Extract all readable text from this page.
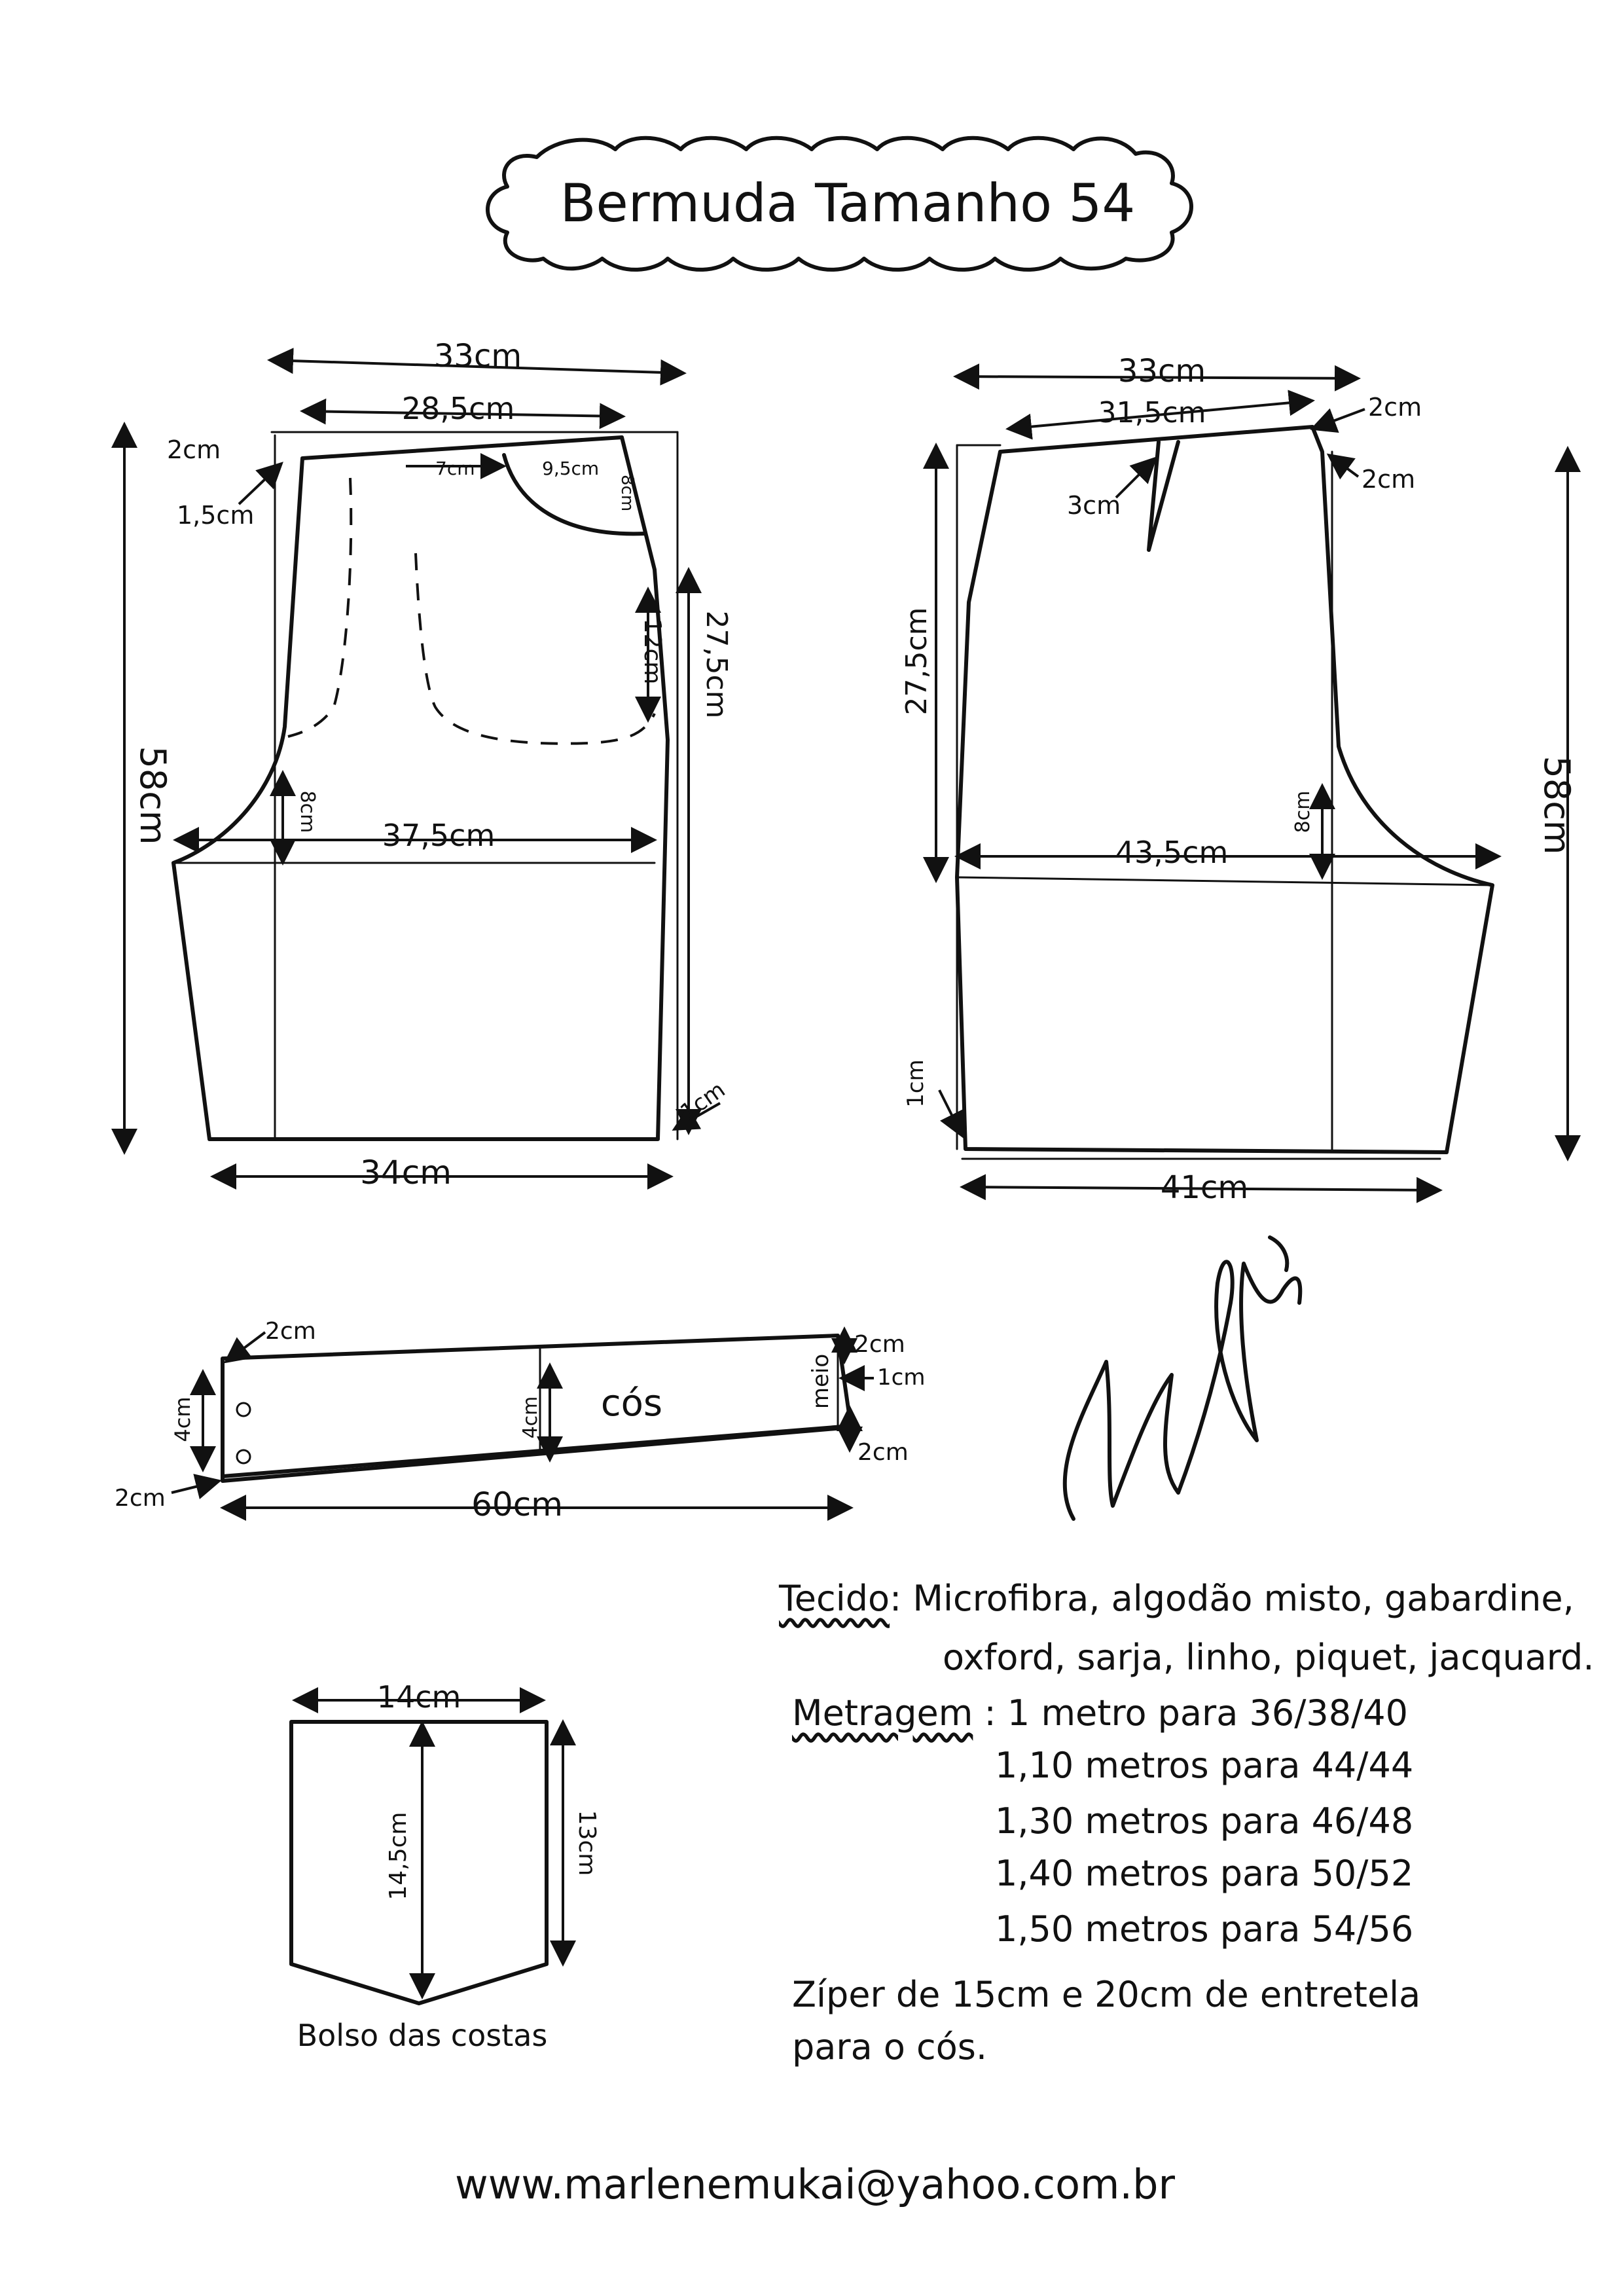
Bermuda Tamanho 54
33cm
28,5cm
2cm
1,5cm
7cm	9,5cm
8cm
12cm 27,5cm
58cm	8cm
37,5cm
1cm
34cm
33cm
31,5cm	2cm
2cm
3cm
27,5cm
8cm
43,5cm	58cm
1cm
41cm
cós
2cm
4cm
2cm
4cm
meio
2cm
1cm
2cm
60cm
14cm
14,5cm	13cm
Bolso das costas
www.marlenemukai@yahoo.com.br
Tecido: Microfibra, algodão misto, gabardine,
oxford, sarja, linho, piquet, jacquard.
Metragem : 1 metro para 36/38/40
1,10 metros para 44/44
1,30 metros para 46/48
1,40 metros para 50/52
1,50 metros para 54/56
Zíper de 15cm e 20cm de entretela
para o cós.
